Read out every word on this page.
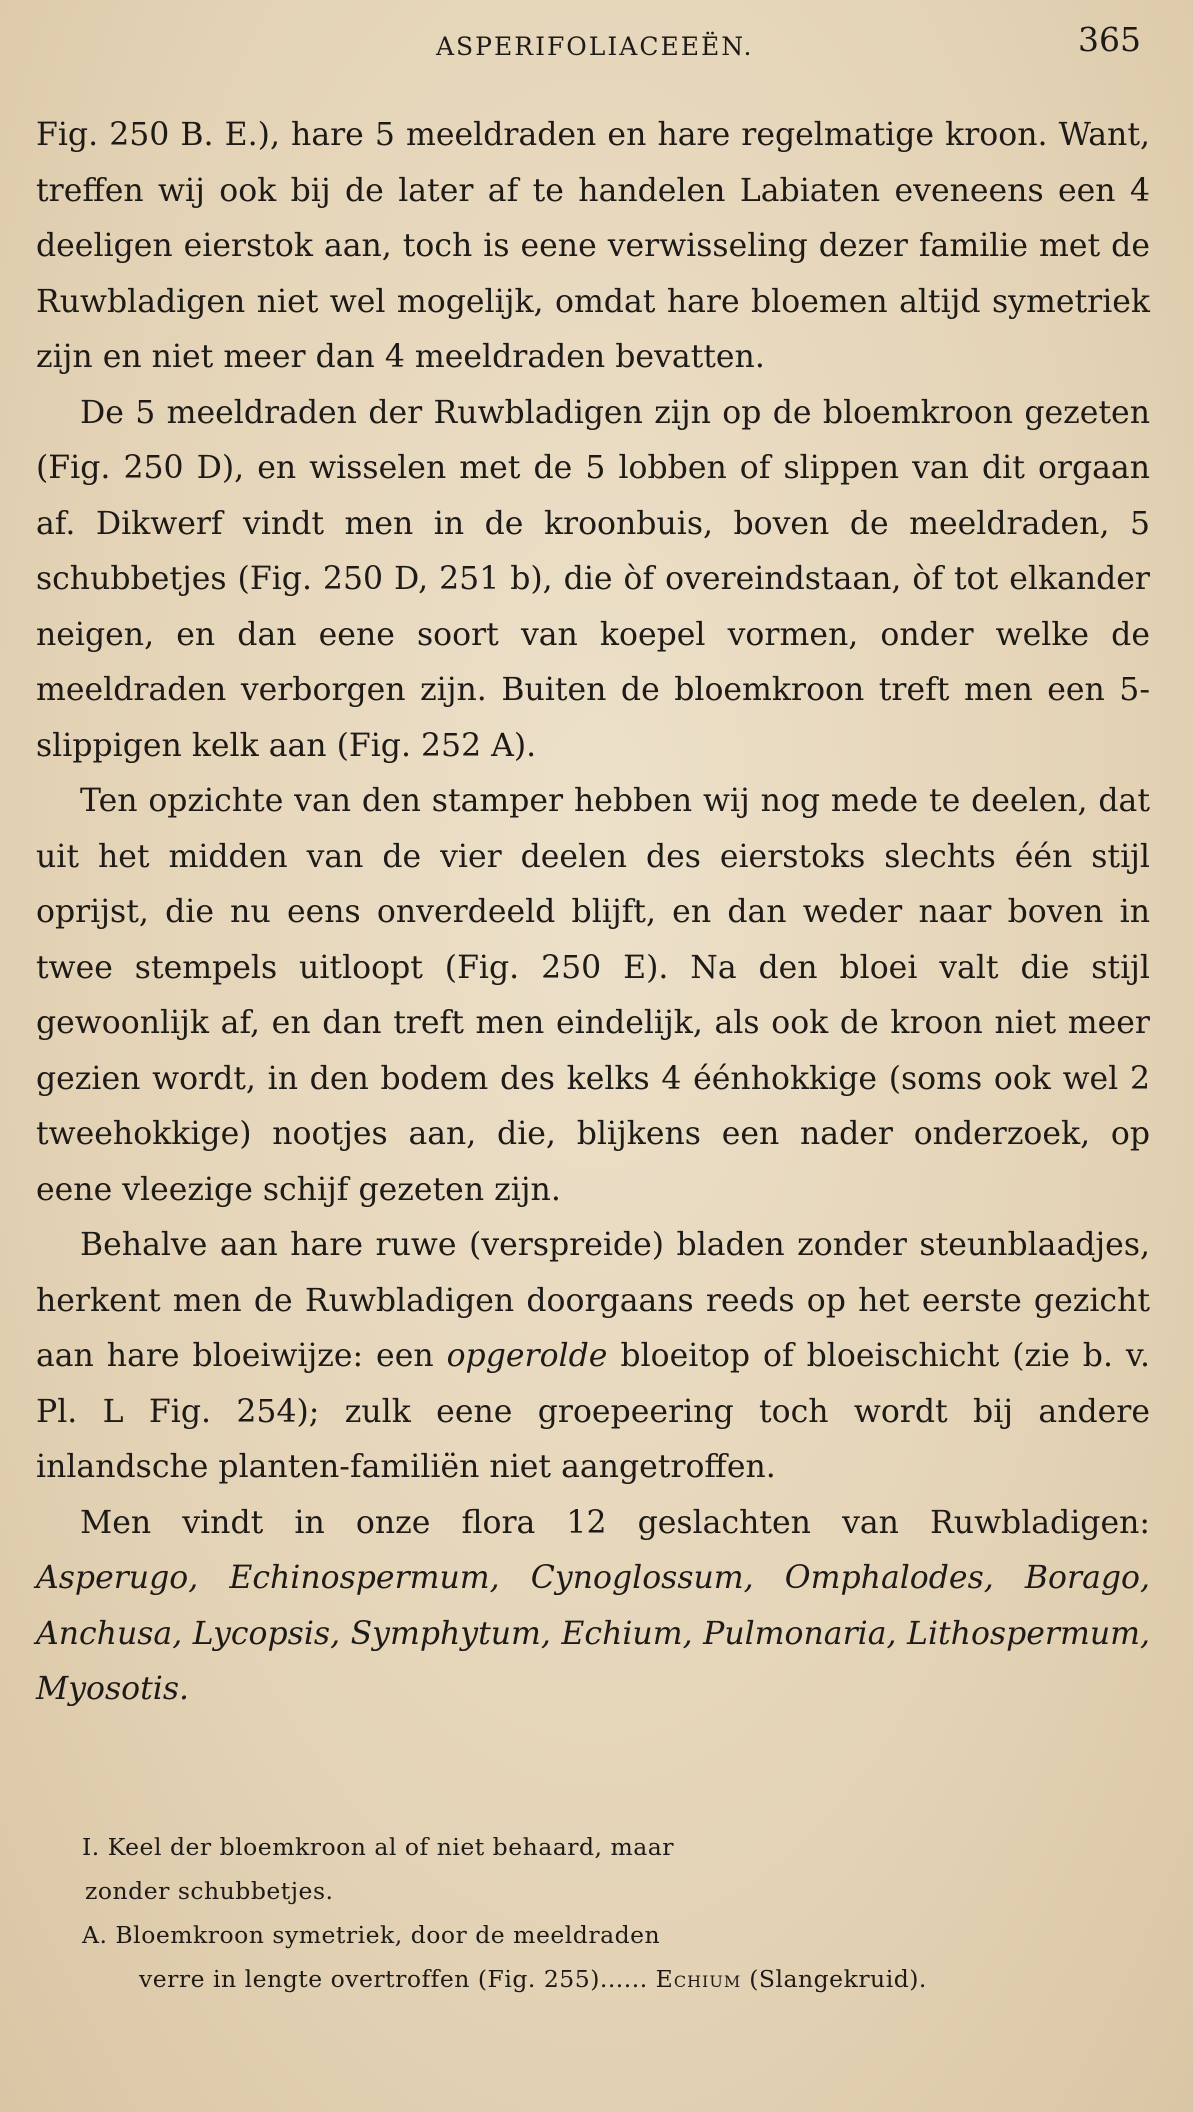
ASPERIFOLIACEEËN.	365

Fig. 250 B. E.), hare 5 meeldraden en hare regelmatige kroon. Want, treffen wij ook bij de later af te handelen Labiaten eveneens een 4 deeligen eierstok aan, toch is eene verwisseling dezer familie met de Ruwbladigen niet wel mogelijk, omdat hare bloemen altijd symetriek zijn en niet meer dan 4 meeldraden bevatten.

De 5 meeldraden der Ruwbladigen zijn op de bloemkroon gezeten (Fig. 250 D), en wisselen met de 5 lobben of slippen van dit orgaan af. Dikwerf vindt men in de kroonbuis, boven de meeldraden, 5 schubbetjes (Fig. 250 D, 251 b), die òf overeindstaan, òf tot elkander neigen, en dan eene soort van koepel vormen, onder welke de meeldraden verborgen zijn. Buiten de bloemkroon treft men een 5-slippigen kelk aan (Fig. 252 A).

Ten opzichte van den stamper hebben wij nog mede te deelen, dat uit het midden van de vier deelen des eierstoks slechts één stijl oprijst, die nu eens onverdeeld blijft, en dan weder naar boven in twee stempels uitloopt (Fig. 250 E). Na den bloei valt die stijl gewoonlijk af, en dan treft men eindelijk, als ook de kroon niet meer gezien wordt, in den bodem des kelks 4 éénhokkige (soms ook wel 2 tweehokkige) nootjes aan, die, blijkens een nader onderzoek, op eene vleezige schijf gezeten zijn.

Behalve aan hare ruwe (verspreide) bladen zonder steunblaadjes, herkent men de Ruwbladigen doorgaans reeds op het eerste gezicht aan hare bloeiwijze: een opgerolde bloeitop of bloeischicht (zie b. v. Pl. L Fig. 254); zulk eene groepeering toch wordt bij andere inlandsche planten-familiën niet aangetroffen.

Men vindt in onze flora 12 geslachten van Ruwbladigen: Asperugo, Echinospermum, Cynoglossum, Omphalodes, Borago, Anchusa, Lycopsis, Symphytum, Echium, Pulmonaria, Lithospermum, Myosotis.

I. Keel der bloemkroon al of niet behaard, maar
zonder schubbetjes.
A. Bloemkroon symetriek, door de meeldraden
verre in lengte overtroffen (Fig. 255)...... Echium (Slangekruid).
